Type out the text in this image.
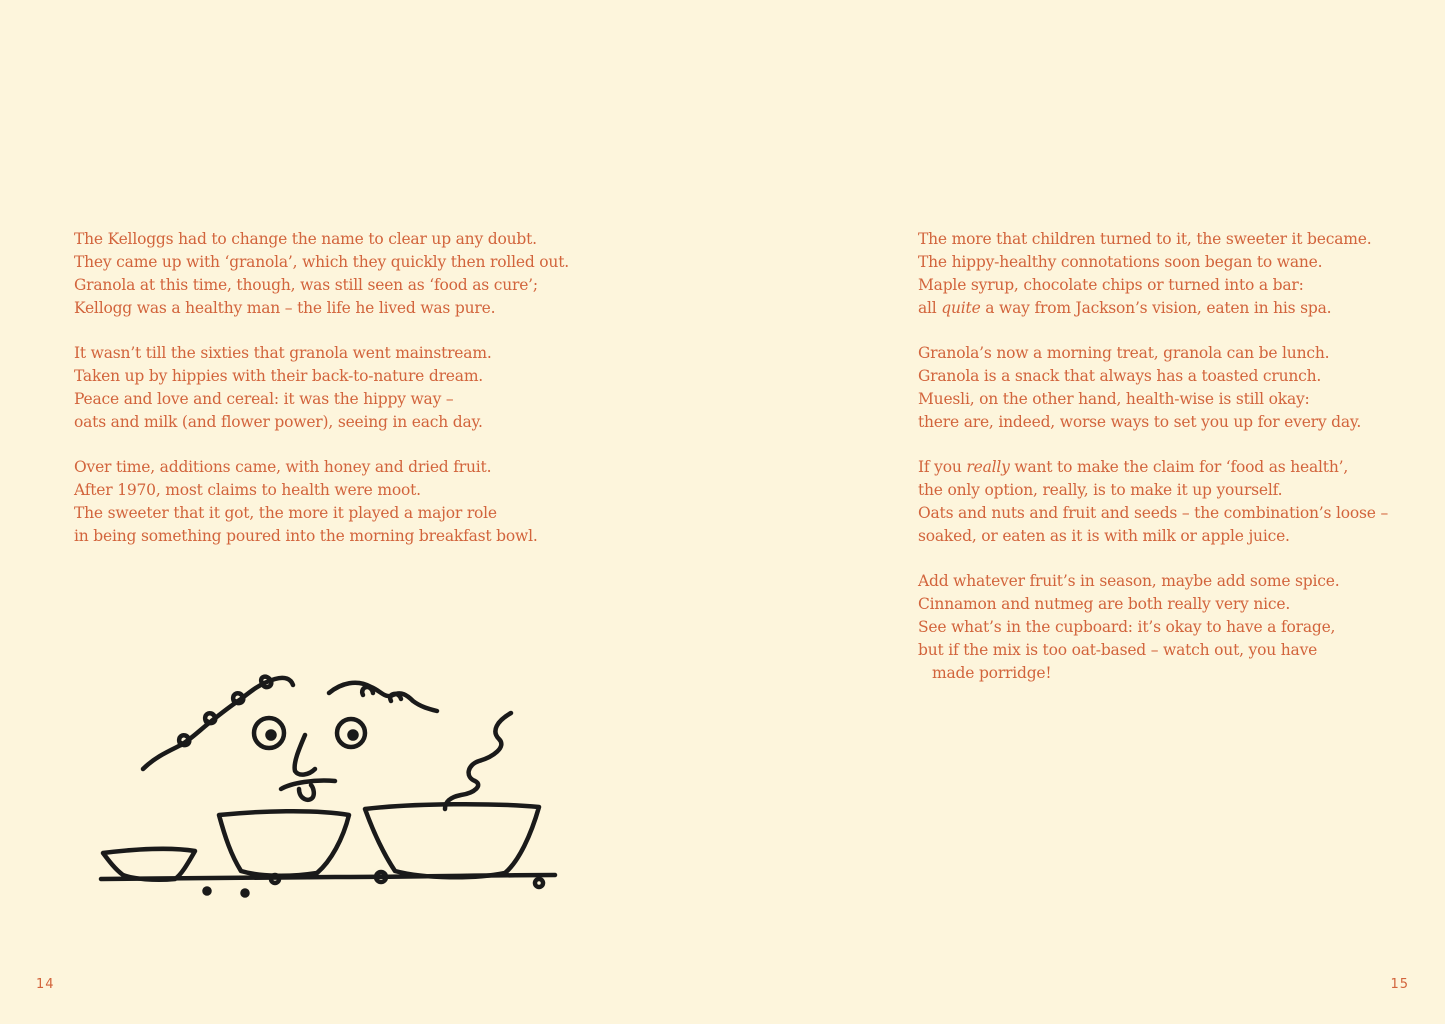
The Kelloggs had to change the name to clear up any doubt.
They came up with ‘granola’, which they quickly then rolled out.
Granola at this time, though, was still seen as ‘food as cure’;
Kellogg was a healthy man – the life he lived was pure.
It wasn’t till the sixties that granola went mainstream.
Taken up by hippies with their back-to-nature dream.
Peace and love and cereal: it was the hippy way –
oats and milk (and flower power), seeing in each day.
Over time, additions came, with honey and dried fruit.
After 1970, most claims to health were moot.
The sweeter that it got, the more it played a major role
in being something poured into the morning breakfast bowl.
14
The more that children turned to it, the sweeter it became.
The hippy-healthy connotations soon began to wane.
Maple syrup, chocolate chips or turned into a bar:
all quite a way from Jackson’s vision, eaten in his spa.
Granola’s now a morning treat, granola can be lunch.
Granola is a snack that always has a toasted crunch.
Muesli, on the other hand, health-wise is still okay:
there are, indeed, worse ways to set you up for every day.
If you really want to make the claim for ‘food as health’,
the only option, really, is to make it up yourself.
Oats and nuts and fruit and seeds – the combination’s loose –
soaked, or eaten as it is with milk or apple juice.
Add whatever fruit’s in season, maybe add some spice.
Cinnamon and nutmeg are both really very nice.
See what’s in the cupboard: it’s okay to have a forage,
but if the mix is too oat-based – watch out, you have
made porridge!
15
